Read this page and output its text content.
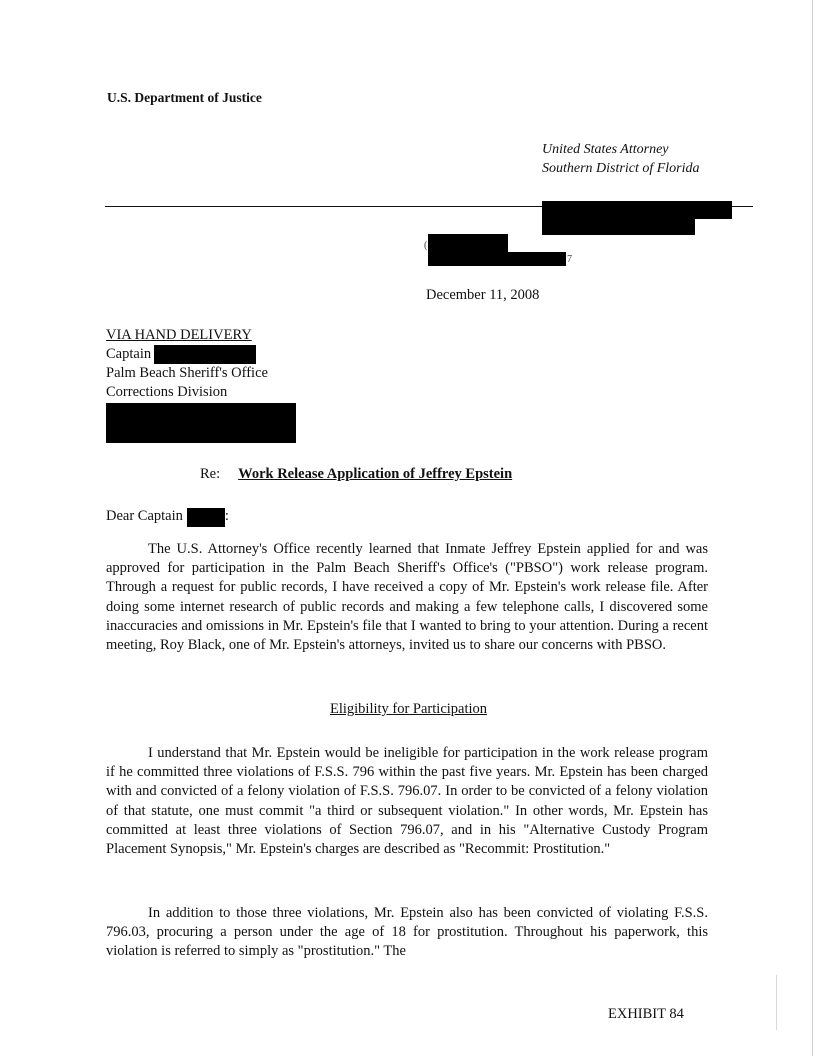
U.S. Department of Justice
United States Attorney
Southern District of Florida
(
7
December 11, 2008
VIA HAND DELIVERY
Captain
Palm Beach Sheriff's Office
Corrections Division
Re: Work Release Application of Jeffrey Epstein
Dear Captain	:

The U.S. Attorney's Office recently learned that Inmate Jeffrey Epstein applied for and was approved for participation in the Palm Beach Sheriff's Office's ("PBSO") work release program. Through a request for public records, I have received a copy of Mr. Epstein's work release file. After doing some internet research of public records and making a few telephone calls, I discovered some inaccuracies and omissions in Mr. Epstein's file that I wanted to bring to your attention. During a recent meeting, Roy Black, one of Mr. Epstein's attorneys, invited us to share our concerns with PBSO.

Eligibility for Participation

I understand that Mr. Epstein would be ineligible for participation in the work release program if he committed three violations of F.S.S. 796 within the past five years. Mr. Epstein has been charged with and convicted of a felony violation of F.S.S. 796.07. In order to be convicted of a felony violation of that statute, one must commit "a third or subsequent violation." In other words, Mr. Epstein has committed at least three violations of Section 796.07, and in his "Alternative Custody Program Placement Synopsis," Mr. Epstein's charges are described as "Recommit: Prostitution."

In addition to those three violations, Mr. Epstein also has been convicted of violating F.S.S. 796.03, procuring a person under the age of 18 for prostitution. Throughout his paperwork, this violation is referred to simply as "prostitution." The

EXHIBIT 84
